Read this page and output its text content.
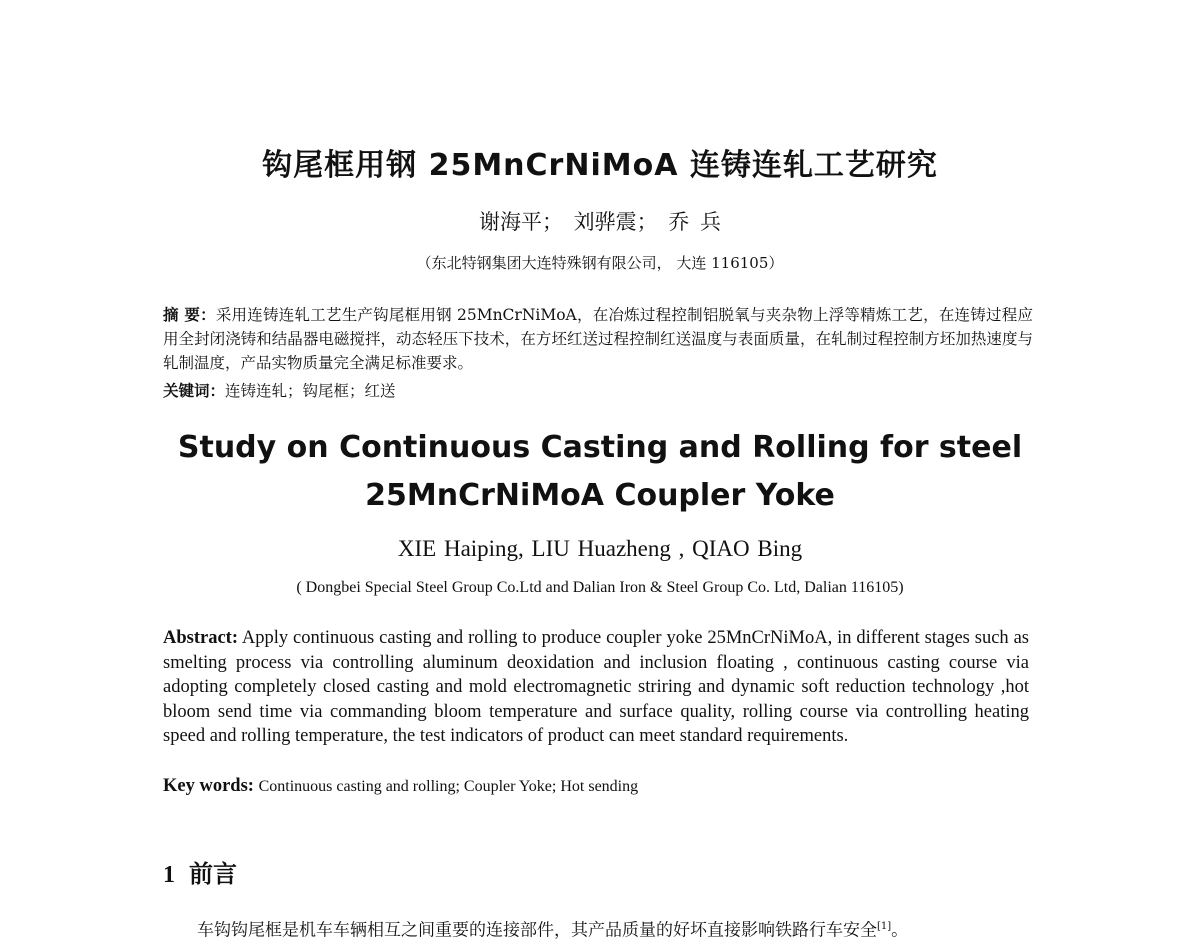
钩尾框用钢 25MnCrNiMoA 连铸连轧工艺研究
谢海平； 刘骅震； 乔 兵
（东北特钢集团大连特殊钢有限公司， 大连 116105）
摘 要：采用连铸连轧工艺生产钩尾框用钢 25MnCrNiMoA，在冶炼过程控制铝脱氧与夹杂物上浮等精炼工艺，在连铸过程应用全封闭浇铸和结晶器电磁搅拌，动态轻压下技术，在方坯红送过程控制红送温度与表面质量，在轧制过程控制方坯加热速度与轧制温度，产品实物质量完全满足标准要求。
关键词：连铸连轧；钩尾框；红送
Study on Continuous Casting and Rolling for steel
25MnCrNiMoA Coupler Yoke
XIE Haiping, LIU Huazheng , QIAO Bing
( Dongbei Special Steel Group Co.Ltd and Dalian Iron & Steel Group Co. Ltd, Dalian 116105)
Abstract: Apply continuous casting and rolling to produce coupler yoke 25MnCrNiMoA, in different stages such as smelting process via controlling aluminum deoxidation and inclusion floating , continuous casting course via adopting completely closed casting and mold electromagnetic striring and dynamic soft reduction technology ,hot bloom send time via commanding bloom temperature and surface quality, rolling course via controlling heating speed and rolling temperature, the test indicators of product can meet standard requirements.
Key words: Continuous casting and rolling; Coupler Yoke; Hot sending
1 前言
车钩钩尾框是机车车辆相互之间重要的连接部件，其产品质量的好坏直接影响铁路行车安全[1]。
